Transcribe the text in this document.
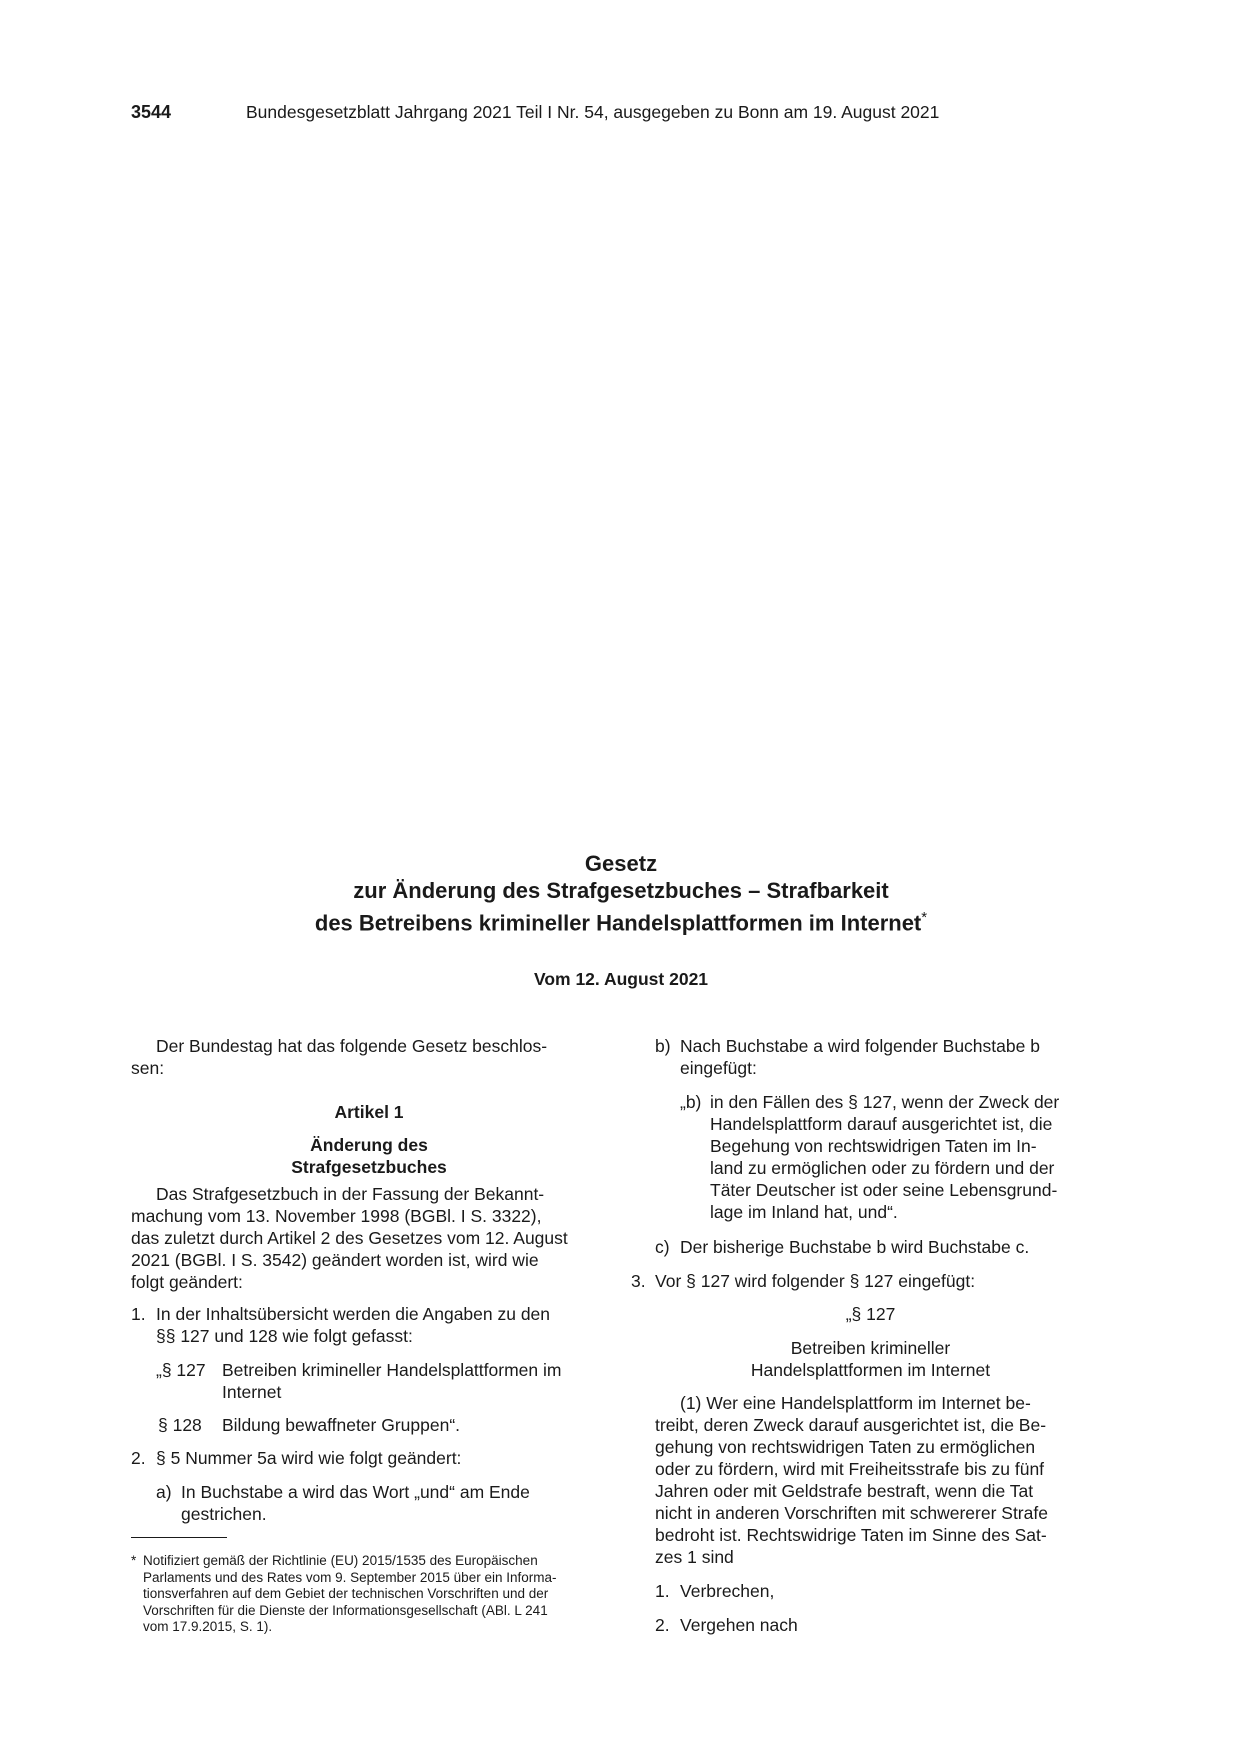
3544	Bundesgesetzblatt Jahrgang 2021 Teil I Nr. 54, ausgegeben zu Bonn am 19. August 2021
Gesetz
zur Änderung des Strafgesetzbuches – Strafbarkeit
des Betreibens krimineller Handelsplattformen im Internet*
Vom 12. August 2021
Der Bundestag hat das folgende Gesetz beschlos-
sen:
Artikel 1
Änderung des
Strafgesetzbuches
Das Strafgesetzbuch in der Fassung der Bekannt-
machung vom 13. November 1998 (BGBl. I S. 3322),
das zuletzt durch Artikel 2 des Gesetzes vom 12. August
2021 (BGBl. I S. 3542) geändert worden ist, wird wie
folgt geändert:
1. In der Inhaltsübersicht werden die Angaben zu den
§§ 127 und 128 wie folgt gefasst:
„§ 127 Betreiben krimineller Handelsplattformen im
Internet
§ 128 Bildung bewaffneter Gruppen“.
2. § 5 Nummer 5a wird wie folgt geändert:
a) In Buchstabe a wird das Wort „und“ am Ende
gestrichen.
* Notifiziert gemäß der Richtlinie (EU) 2015/1535 des Europäischen
Parlaments und des Rates vom 9. September 2015 über ein Informa-
tionsverfahren auf dem Gebiet der technischen Vorschriften und der
Vorschriften für die Dienste der Informationsgesellschaft (ABl. L 241
vom 17.9.2015, S. 1).
b) Nach Buchstabe a wird folgender Buchstabe b
eingefügt:
„b) in den Fällen des § 127, wenn der Zweck der
Handelsplattform darauf ausgerichtet ist, die
Begehung von rechtswidrigen Taten im In-
land zu ermöglichen oder zu fördern und der
Täter Deutscher ist oder seine Lebensgrund-
lage im Inland hat, und“.
c) Der bisherige Buchstabe b wird Buchstabe c.
3. Vor § 127 wird folgender § 127 eingefügt:
„§ 127
Betreiben krimineller
Handelsplattformen im Internet
(1) Wer eine Handelsplattform im Internet be-
treibt, deren Zweck darauf ausgerichtet ist, die Be-
gehung von rechtswidrigen Taten zu ermöglichen
oder zu fördern, wird mit Freiheitsstrafe bis zu fünf
Jahren oder mit Geldstrafe bestraft, wenn die Tat
nicht in anderen Vorschriften mit schwererer Strafe
bedroht ist. Rechtswidrige Taten im Sinne des Sat-
zes 1 sind
1. Verbrechen,
2. Vergehen nach
